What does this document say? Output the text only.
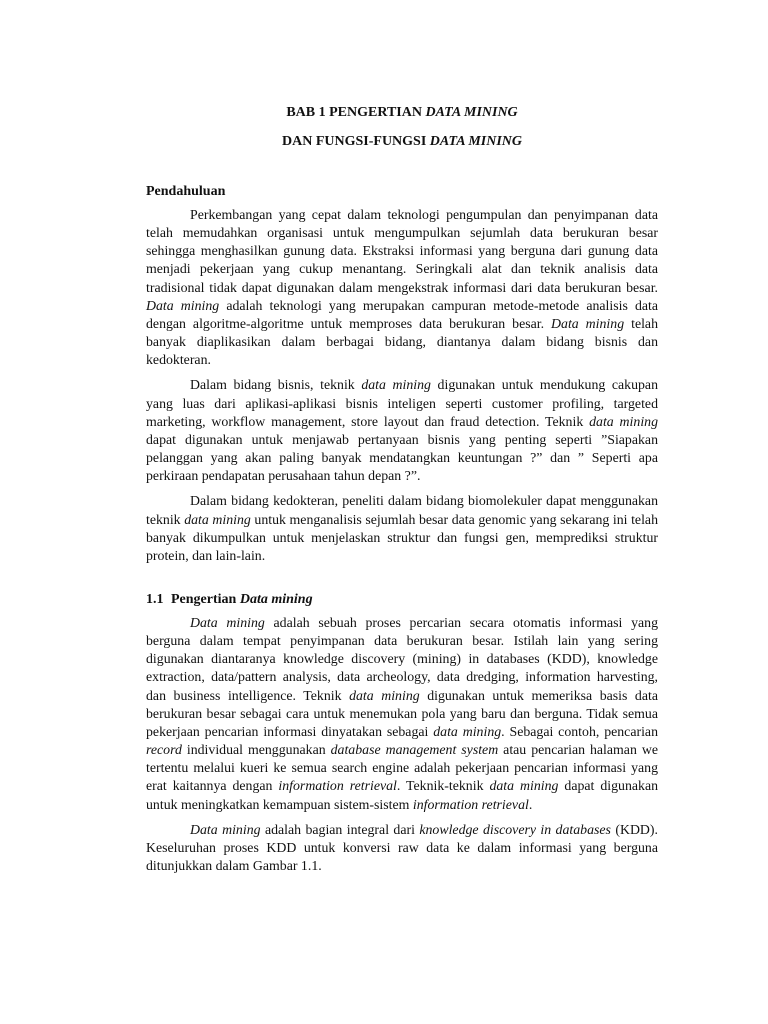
BAB 1 PENGERTIAN DATA MINING
DAN FUNGSI-FUNGSI DATA MINING
Pendahuluan

Perkembangan yang cepat dalam teknologi pengumpulan dan penyimpanan data telah memudahkan organisasi untuk mengumpulkan sejumlah data berukuran besar sehingga menghasilkan gunung data. Ekstraksi informasi yang berguna dari gunung data menjadi pekerjaan yang cukup menantang. Seringkali alat dan teknik analisis data tradisional tidak dapat digunakan dalam mengekstrak informasi dari data berukuran besar. Data mining adalah teknologi yang merupakan campuran metode-metode analisis data dengan algoritme-algoritme untuk memproses data berukuran besar. Data mining telah banyak diaplikasikan dalam berbagai bidang, diantanya dalam bidang bisnis dan kedokteran.

Dalam bidang bisnis, teknik data mining digunakan untuk mendukung cakupan yang luas dari aplikasi-aplikasi bisnis inteligen seperti customer profiling, targeted marketing, workflow management, store layout dan fraud detection. Teknik data mining dapat digunakan untuk menjawab pertanyaan bisnis yang penting seperti ”Siapakan pelanggan yang akan paling banyak mendatangkan keuntungan ?” dan ” Seperti apa perkiraan pendapatan perusahaan tahun depan ?”.

Dalam bidang kedokteran, peneliti dalam bidang biomolekuler dapat menggunakan teknik data mining untuk menganalisis sejumlah besar data genomic yang sekarang ini telah banyak dikumpulkan untuk menjelaskan struktur dan fungsi gen, memprediksi struktur protein, dan lain-lain.

1.1 Pengertian Data mining

Data mining adalah sebuah proses percarian secara otomatis informasi yang berguna dalam tempat penyimpanan data berukuran besar. Istilah lain yang sering digunakan diantaranya knowledge discovery (mining) in databases (KDD), knowledge extraction, data/pattern analysis, data archeology, data dredging, information harvesting, dan business intelligence. Teknik data mining digunakan untuk memeriksa basis data berukuran besar sebagai cara untuk menemukan pola yang baru dan berguna. Tidak semua pekerjaan pencarian informasi dinyatakan sebagai data mining. Sebagai contoh, pencarian record individual menggunakan database management system atau pencarian halaman we tertentu melalui kueri ke semua search engine adalah pekerjaan pencarian informasi yang erat kaitannya dengan information retrieval. Teknik-teknik data mining dapat digunakan untuk meningkatkan kemampuan sistem-sistem information retrieval.

Data mining adalah bagian integral dari knowledge discovery in databases (KDD). Keseluruhan proses KDD untuk konversi raw data ke dalam informasi yang berguna ditunjukkan dalam Gambar 1.1.
